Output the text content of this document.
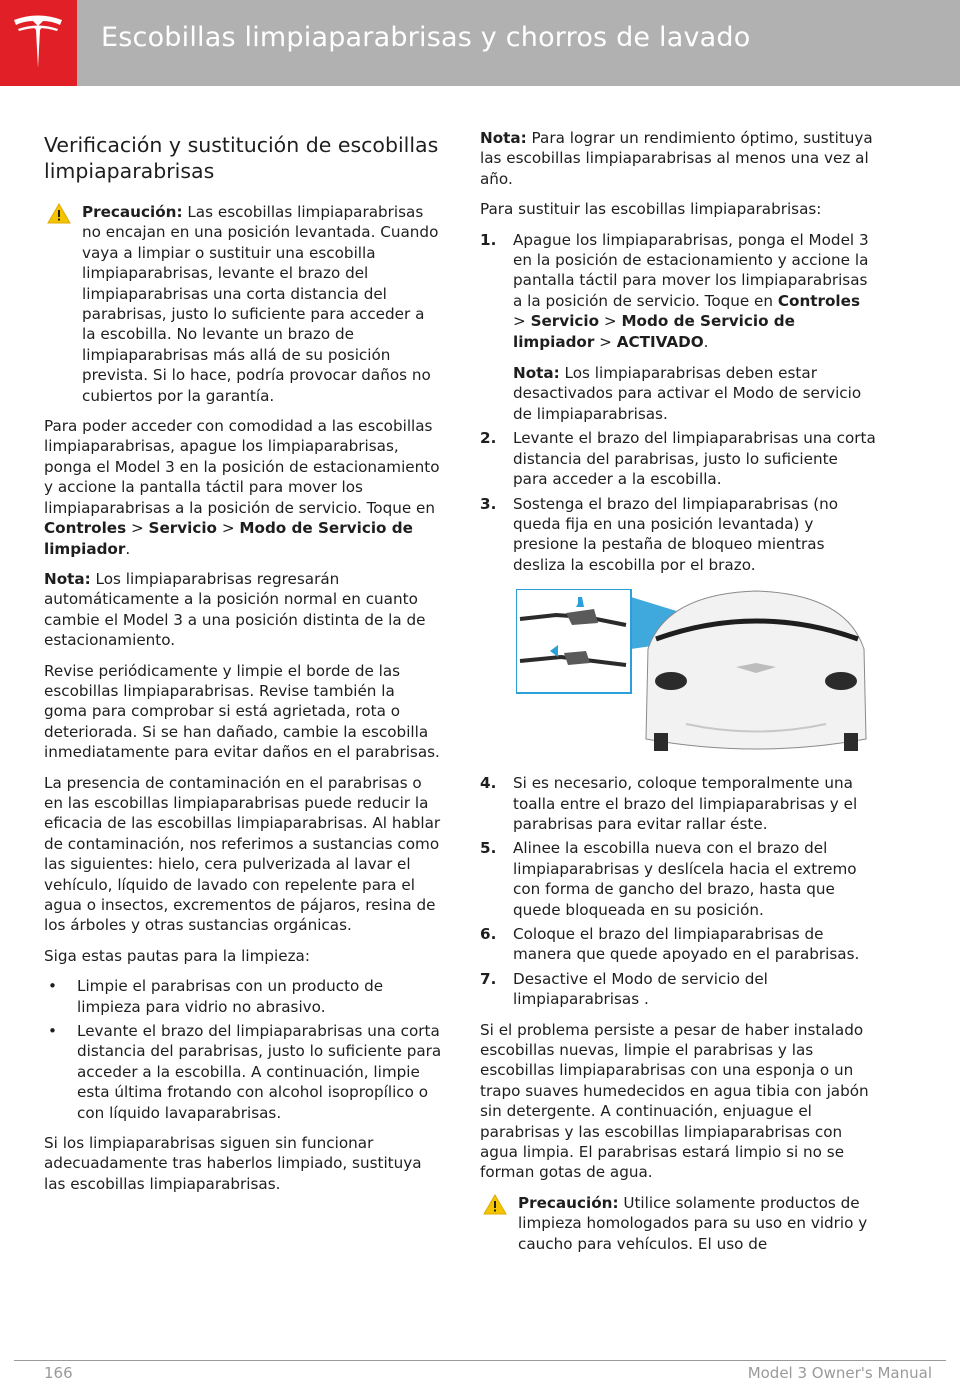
Escobillas limpiaparabrisas y chorros de lavado
Verificación y sustitución de escobillas limpiaparabrisas
Precaución: Las escobillas limpiaparabrisas no encajan en una posición levantada. Cuando vaya a limpiar o sustituir una escobilla limpiaparabrisas, levante el brazo del limpiaparabrisas una corta distancia del parabrisas, justo lo suficiente para acceder a la escobilla. No levante un brazo de limpiaparabrisas más allá de su posición prevista. Si lo hace, podría provocar daños no cubiertos por la garantía.

Para poder acceder con comodidad a las escobillas limpiaparabrisas, apague los limpiaparabrisas, ponga el Model 3 en la posición de estacionamiento y accione la pantalla táctil para mover los limpiaparabrisas a la posición de servicio. Toque en Controles > Servicio > Modo de Servicio de limpiador.

Nota: Los limpiaparabrisas regresarán automáticamente a la posición normal en cuanto cambie el Model 3 a una posición distinta de la de estacionamiento.

Revise periódicamente y limpie el borde de las escobillas limpiaparabrisas. Revise también la goma para comprobar si está agrietada, rota o deteriorada. Si se han dañado, cambie la escobilla inmediatamente para evitar daños en el parabrisas.

La presencia de contaminación en el parabrisas o en las escobillas limpiaparabrisas puede reducir la eficacia de las escobillas limpiaparabrisas. Al hablar de contaminación, nos referimos a sustancias como las siguientes: hielo, cera pulverizada al lavar el vehículo, líquido de lavado con repelente para el agua o insectos, excrementos de pájaros, resina de los árboles y otras sustancias orgánicas.

Siga estas pautas para la limpieza:

• Limpie el parabrisas con un producto de limpieza para vidrio no abrasivo.
• Levante el brazo del limpiaparabrisas una corta distancia del parabrisas, justo lo suficiente para acceder a la escobilla. A continuación, limpie esta última frotando con alcohol isopropílico o con líquido lavaparabrisas.

Si los limpiaparabrisas siguen sin funcionar adecuadamente tras haberlos limpiado, sustituya las escobillas limpiaparabrisas.

Nota: Para lograr un rendimiento óptimo, sustituya las escobillas limpiaparabrisas al menos una vez al año.

Para sustituir las escobillas limpiaparabrisas:

1. Apague los limpiaparabrisas, ponga el Model 3 en la posición de estacionamiento y accione la pantalla táctil para mover los limpiaparabrisas a la posición de servicio. Toque en Controles > Servicio > Modo de Servicio de limpiador > ACTIVADO.
Nota: Los limpiaparabrisas deben estar desactivados para activar el Modo de servicio de limpiaparabrisas.
2. Levante el brazo del limpiaparabrisas una corta distancia del parabrisas, justo lo suficiente para acceder a la escobilla.
3. Sostenga el brazo del limpiaparabrisas (no queda fija en una posición levantada) y presione la pestaña de bloqueo mientras desliza la escobilla por el brazo.
4. Si es necesario, coloque temporalmente una toalla entre el brazo del limpiaparabrisas y el parabrisas para evitar rallar éste.
5. Alinee la escobilla nueva con el brazo del limpiaparabrisas y deslícela hacia el extremo con forma de gancho del brazo, hasta que quede bloqueada en su posición.
6. Coloque el brazo del limpiaparabrisas de manera que quede apoyado en el parabrisas.
7. Desactive el Modo de servicio del limpiaparabrisas .

Si el problema persiste a pesar de haber instalado escobillas nuevas, limpie el parabrisas y las escobillas limpiaparabrisas con una esponja o un trapo suaves humedecidos en agua tibia con jabón sin detergente. A continuación, enjuague el parabrisas y las escobillas limpiaparabrisas con agua limpia. El parabrisas estará limpio si no se forman gotas de agua.

Precaución: Utilice solamente productos de limpieza homologados para su uso en vidrio y caucho para vehículos. El uso de
166	Model 3 Owner's Manual
